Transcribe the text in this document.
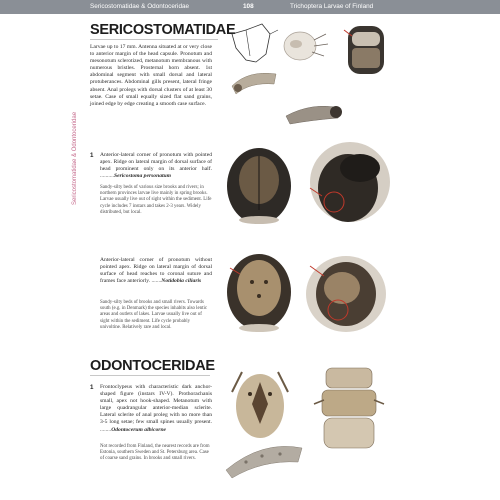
Sericostomatidae & Odontoceridae	108	Trichoptera Larvae of Finland
Sericostomatidae & Odontoceridae
SERICOSTOMATIDAE
Larvae up to 17 mm. Antenna situated at or very close to anterior margin of the head capsule. Pronotum and mesonotum sclerotized, metanotum membranous with numerous bristles. Prosternal horn absent. 1st abdominal segment with small dorsal and lateral protuberances. Abdominal gills present, lateral fringe absent. Anal prolegs with dorsal clusters of at least 30 setae. Case of small equally sized flat sand grains, joined edge by edge creating a smooth case surface.
1 Anterior-lateral corner of pronotum with pointed apex. Ridge on lateral margin of dorsal surface of head prominent only on its anterior half. ..........Sericostoma personatum
Sandy-silty beds of various size brooks and rivers; in northern provinces larvae live mainly in spring brooks. Larvae usually live out of sight within the sediment. Life cycle includes 7 instars and takes 2-3 years. Widely distributed, but local.
Anterior-lateral corner of pronotum without pointed apex. Ridge on lateral margin of dorsal surface of head reaches to coronal suture and frames face anteriorly. .......Notidobia ciliaris
Sandy-silty beds of brooks and small rivers. Towards south (e.g. in Denmark) the species inhabits also lentic areas and outlets of lakes. Larvae usually live out of sight within the sediment. Life cycle probably univoltine. Relatively rare and local.
ODONTOCERIDAE
1 Frontoclypeus with characteristic dark anchor-shaped figure (instars IV-V). Prothorachanis small, apex not hook-shaped. Metanotum with large quadrangular anterior-median sclerite. Lateral sclerite of anal proleg with no more than 3-5 long setae; few small spines usually present. ........Odontocerum albicorne
Not recorded from Finland, the nearest records are from Estonia, southern Sweden and St. Petersburg area. Case of coarse sand grains. In brooks and small rivers.
